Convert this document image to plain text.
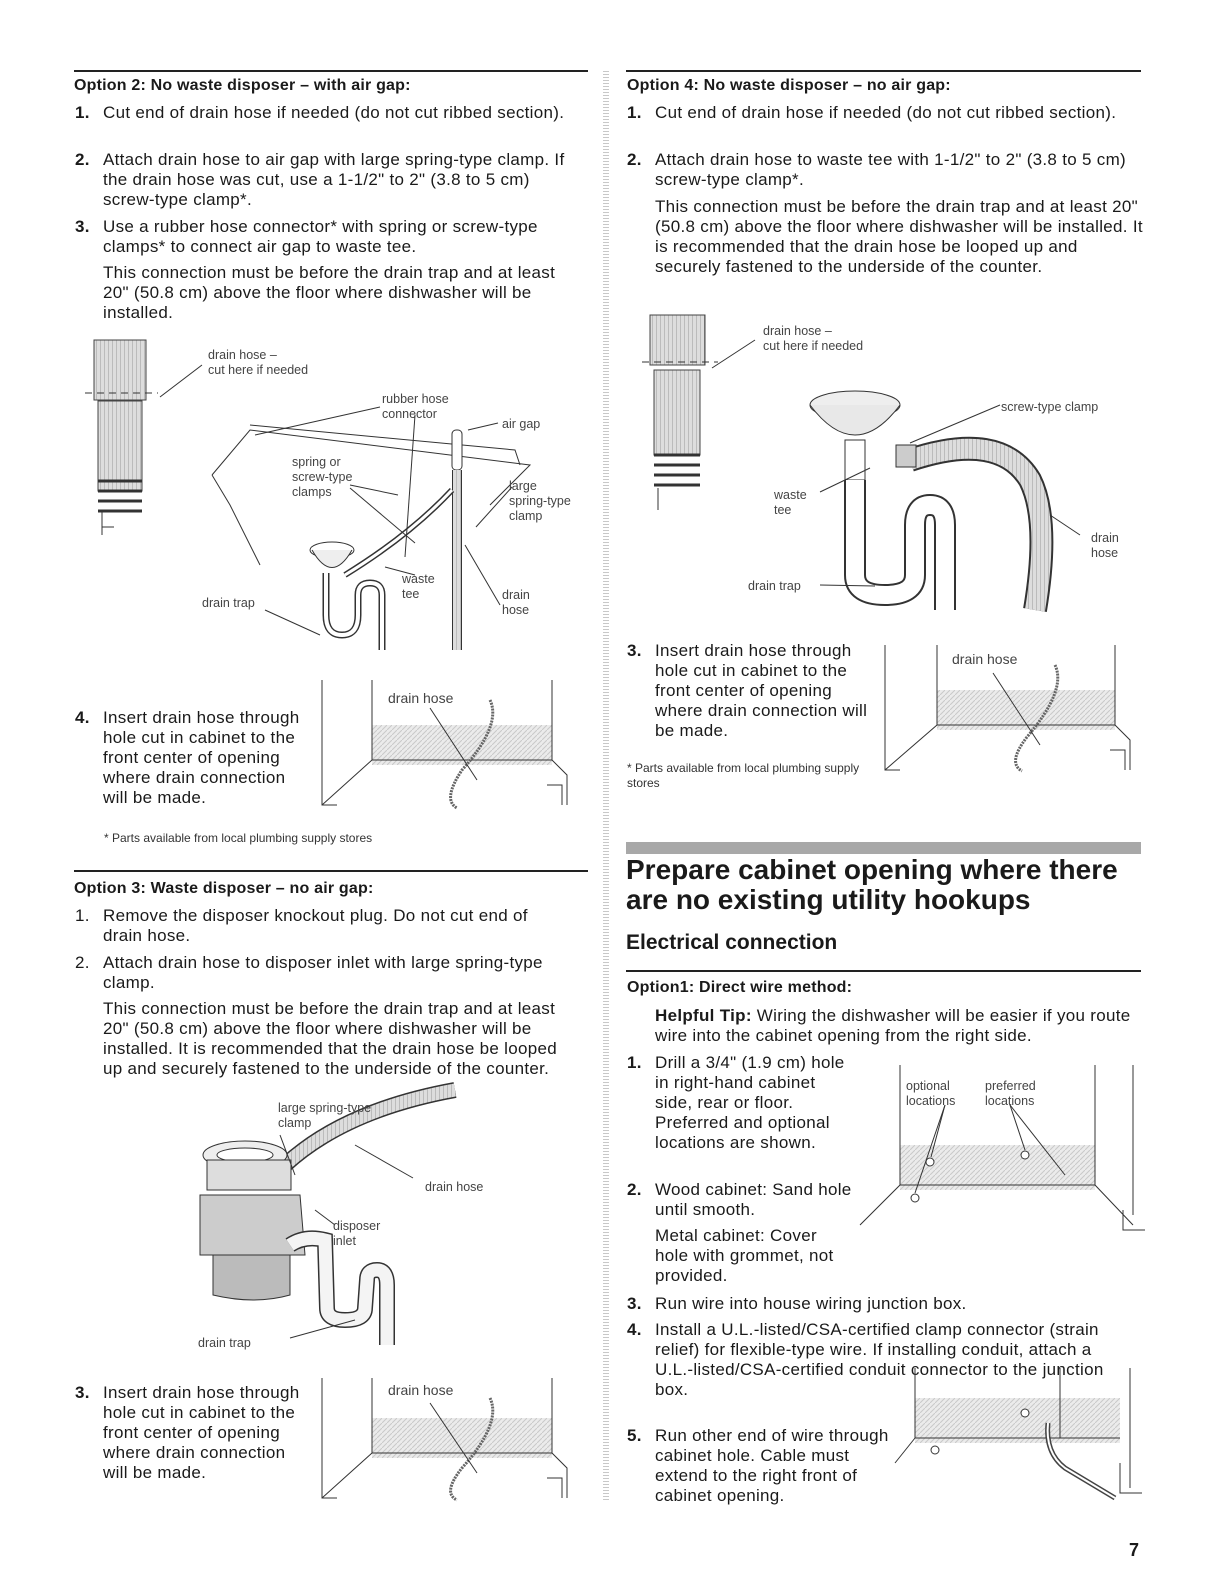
Option 2: No waste disposer – with air gap:
1. Cut end of drain hose if needed (do not cut ribbed section).
2. Attach drain hose to air gap with large spring-type clamp. If the drain hose was cut, use a 1-1/2" to 2" (3.8 to 5 cm) screw-type clamp*.
3. Use a rubber hose connector* with spring or screw-type clamps* to connect air gap to waste tee.
This connection must be before the drain trap and at least 20" (50.8 cm) above the floor where dishwasher will be installed.
drain hose –
cut here if needed
rubber hose
connector
air gap
spring or
screw-type
clamps	large
spring-type
clamp
waste
tee
drain trap
drain
hose
4. Insert drain hose through hole cut in cabinet to the front center of opening where drain connection will be made.
drain hose
* Parts available from local plumbing supply stores
Option 3: Waste disposer – no air gap:
1. Remove the disposer knockout plug. Do not cut end of drain hose.
2. Attach drain hose to disposer inlet with large spring-type clamp.
This connection must be before the drain trap and at least 20" (50.8 cm) above the floor where dishwasher will be installed. It is recommended that the drain hose be looped up and securely fastened to the underside of the counter.
large spring-type
clamp
drain hose
disposer
inlet
drain trap
3. Insert drain hose through hole cut in cabinet to the front center of opening where drain connection will be made.
drain hose
Option 4: No waste disposer – no air gap:
1. Cut end of drain hose if needed (do not cut ribbed section).
2. Attach drain hose to waste tee with 1-1/2" to 2" (3.8 to 5 cm) screw-type clamp*.
This connection must be before the drain trap and at least 20" (50.8 cm) above the floor where dishwasher will be installed. It is recommended that the drain hose be looped up and securely fastened to the underside of the counter.
drain hose –
cut here if needed
screw-type clamp
waste
tee
drain
hose
drain trap
3. Insert drain hose through hole cut in cabinet to the front center of opening where drain connection will be made.
drain hose
* Parts available from local plumbing supply stores
Prepare cabinet opening where there are no existing utility hookups
Electrical connection
Option1: Direct wire method:
Helpful Tip: Wiring the dishwasher will be easier if you route wire into the cabinet opening from the right side.
1. Drill a 3/4" (1.9 cm) hole in right-hand cabinet side, rear or floor. Preferred and optional locations are shown.
2. Wood cabinet: Sand hole until smooth.
Metal cabinet: Cover hole with grommet, not provided.
optional
locations
preferred
locations
3. Run wire into house wiring junction box.
4. Install a U.L.-listed/CSA-certified clamp connector (strain relief) for flexible-type wire. If installing conduit, attach a U.L.-listed/CSA-certified conduit connector to the junction box.
5. Run other end of wire through cabinet hole. Cable must extend to the right front of cabinet opening.
7
